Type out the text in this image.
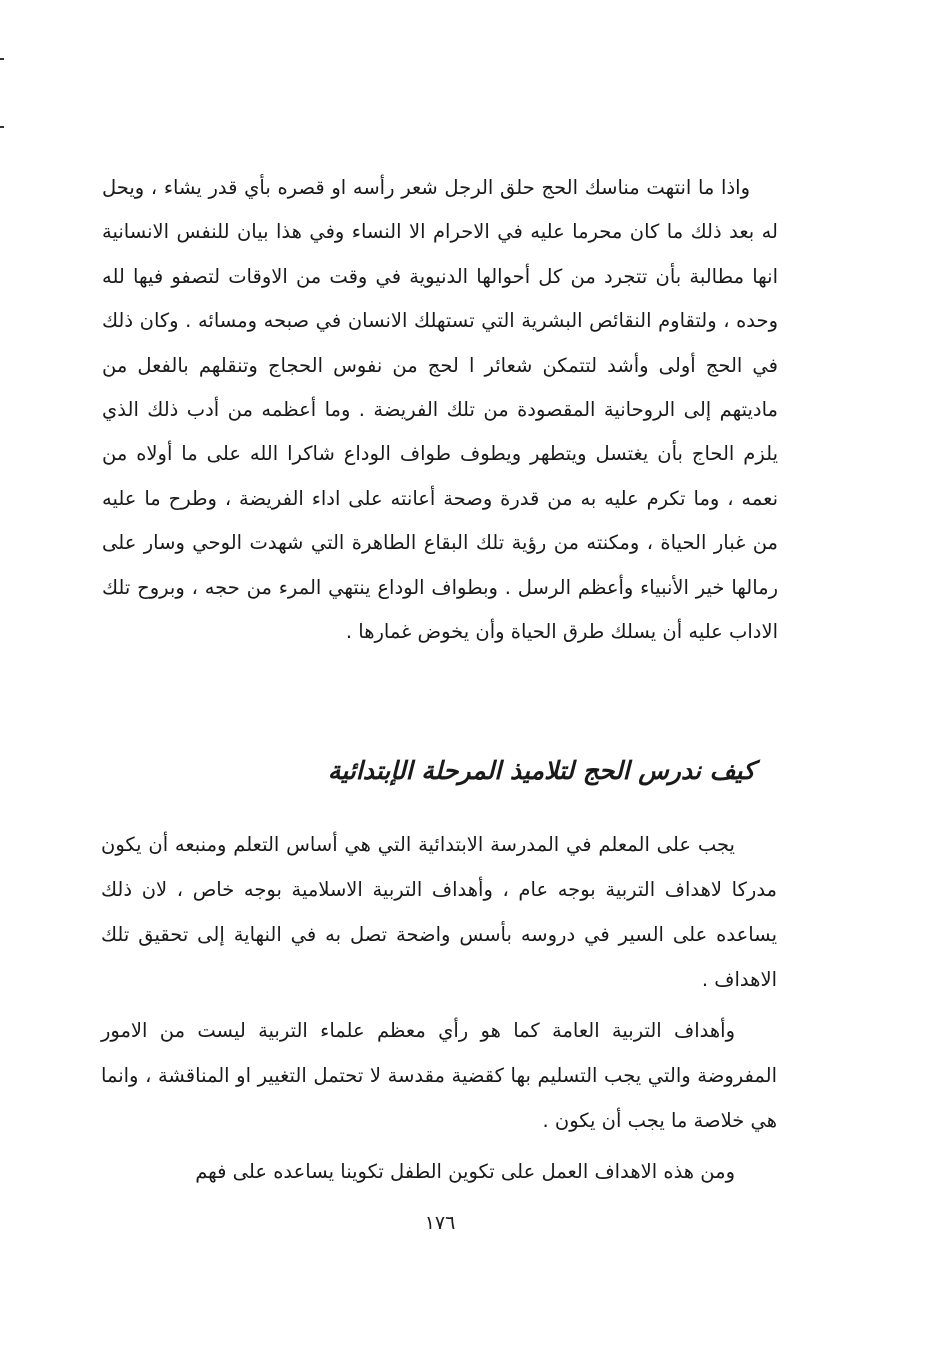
واذا ما انتهت مناسك الحج حلق الرجل شعر رأسه او قصره بأي قدر يشاء ، ويحل له بعد ذلك ما كان محرما عليه في الاحرام الا النساء وفي هذا بيان للنفس الانسانية انها مطالبة بأن تتجرد من كل أحوالها الدنيوية في وقت من الاوقات لتصفو فيها لله وحده ، ولتقاوم النقائص البشرية التي تستهلك الانسان في صبحه ومسائه . وكان ذلك في الحج أولى وأشد لتتمكن شعائر ا لحج من نفوس الحجاج وتنقلهم بالفعل من ماديتهم إلى الروحانية المقصودة من تلك الفريضة . وما أعظمه من أدب ذلك الذي يلزم الحاج بأن يغتسل ويتطهر ويطوف طواف الوداع شاكرا الله على ما أولاه من نعمه ، وما تكرم عليه به من قدرة وصحة أعانته على اداء الفريضة ، وطرح ما عليه من غبار الحياة ، ومكنته من رؤية تلك البقاع الطاهرة التي شهدت الوحي وسار على رمالها خير الأنبياء وأعظم الرسل . وبطواف الوداع ينتهي المرء من حجه ، وبروح تلك الاداب عليه أن يسلك طرق الحياة وأن يخوض غمارها .

كيف ندرس الحج لتلاميذ المرحلة الإبتدائية

يجب على المعلم في المدرسة الابتدائية التي هي أساس التعلم ومنبعه أن يكون مدركا لاهداف التربية بوجه عام ، وأهداف التربية الاسلامية بوجه خاص ، لان ذلك يساعده على السير في دروسه بأسس واضحة تصل به في النهاية إلى تحقيق تلك الاهداف .

وأهداف التربية العامة كما هو رأي معظم علماء التربية ليست من الامور المفروضة والتي يجب التسليم بها كقضية مقدسة لا تحتمل التغيير او المناقشة ، وانما هي خلاصة ما يجب أن يكون .

ومن هذه الاهداف العمل على تكوين الطفل تكوينا يساعده على فهم

١٧٦
